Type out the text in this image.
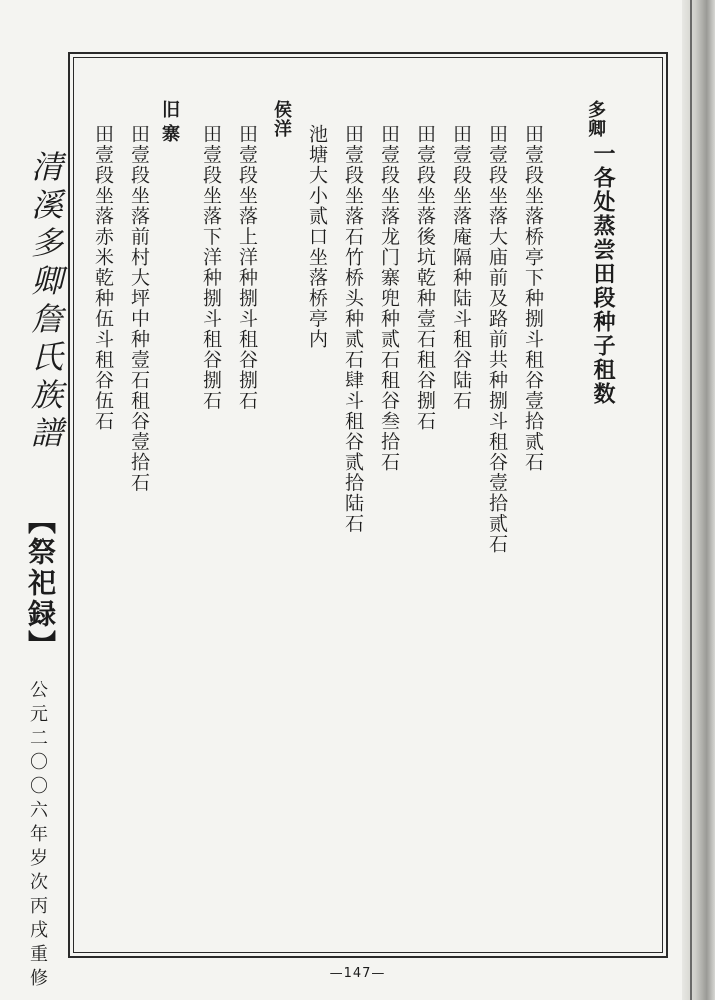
清溪多卿詹氏族譜
【祭祀録】
公元二〇〇六年岁次丙戌重修
多卿
一各处蒸尝田段种子租数
田壹段坐落桥亭下种捌斗租谷壹拾贰石
田壹段坐落大庙前及路前共种捌斗租谷壹拾贰石
田壹段坐落庵隔种陆斗租谷陆石
田壹段坐落後坑乾种壹石租谷捌石
田壹段坐落龙门寨兜种贰石租谷叁拾石
田壹段坐落石竹桥头种贰石肆斗租谷贰拾陆石
池塘大小贰口坐落桥亭内
侯洋
田壹段坐落上洋种捌斗租谷捌石
田壹段坐落下洋种捌斗租谷捌石
旧
寨
田壹段坐落前村大坪中种壹石租谷壹拾石
田壹段坐落赤米乾种伍斗租谷伍石
—147—
